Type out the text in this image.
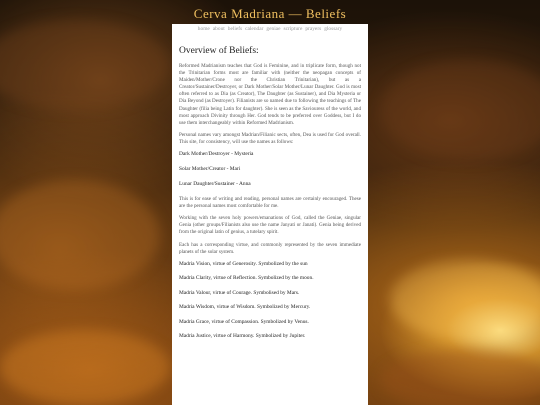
Cerva Madriana — Beliefs
home about beliefs calendar geniae scripture prayers glossary
Overview of Beliefs:

Reformed Madrianism teaches that God is Feminine, and in triplicate form, though not the Trinitarian forms most are familiar with (neither the neopagan concepts of Maiden/Mother/Crone nor the Christian Trinitarian), but as a Creator/Sustainer/Destroyer, or Dark Mother/Solar Mother/Lunar Daughter. God is most often referred to as Dia (as Creator), The Daughter (as Sustainer), and Dia Mysteria or Dia Beyond (as Destroyer). Filianists are so named due to following the teachings of The Daughter (filia being Latin for daughter). She is seen as the Saviouress of the world, and most approach Divinity through Her. God tends to be preferred over Goddess, but I do use them interchangeably within Reformed Madrianism.

Personal names vary amongst Madrian/Filianic sects, often, Dea is used for God overall. This site, for consistency, will use the names as follows:

Dark Mother/Destroyer - Mysteria

Solar Mother/Creator - Mari

Lunar Daughter/Sustainer - Anna

This is for ease of writing and reading, personal names are certainly encouraged. These are the personal names most comfortable for me.

Working with the seven holy powers/emanations of God, called the Geniae, singular Genia (other groups/Filianists also use the name Janyati or Janati). Genia being derived from the original latin of genius, a tutelary spirit.

Each has a corresponding virtue, and commonly represented by the seven immediate planets of the solar system.

Madria Vision, virtue of Generosity. Symbolized by the sun

Madria Clarity, virtue of Reflection. Symbolized by the moon.

Madria Valour, virtue of Courage. Symbolised by Mars.

Madria Wisdom, virtue of Wisdom. Symbolized by Mercury.

Madria Grace, virtue of Compassion. Symbolized by Venus.

Madria Justice, virtue of Harmony. Symbolized by Jupiter.
